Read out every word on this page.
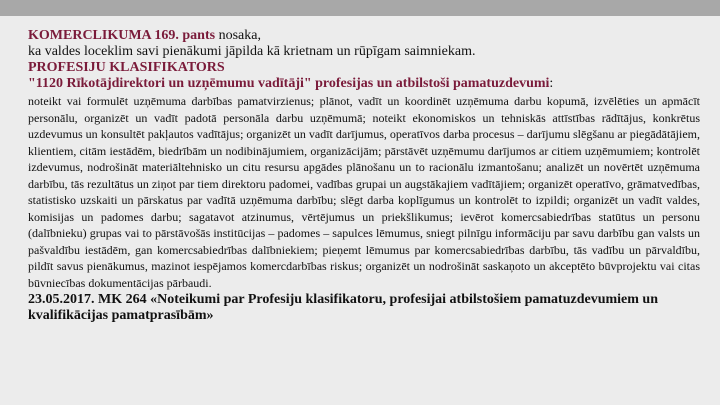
KOMERCLIKUMA 169. pants nosaka,

ka valdes loceklim savi pienākumi jāpilda kā krietnam un rūpīgam saimniekam.

PROFESIJU KLASIFIKATORS

"1120 Rīkotājdirektori un uzņēmumu vadītāji" profesijas un atbilstoši pamatuzdevumi:

noteikt vai formulēt uzņēmuma darbības pamatvirzienus; plānot, vadīt un koordinēt uzņēmuma darbu kopumā, izvēlēties un apmācīt personālu, organizēt un vadīt padotā personāla darbu uzņēmumā; noteikt ekonomiskos un tehniskās attīstības rādītājus, konkrētus uzdevumus un konsultēt pakļautos vadītājus; organizēt un vadīt darījumus, operatīvos darba procesus – darījumu slēgšanu ar piegādātājiem, klientiem, citām iestādēm, biedrībām un nodibinājumiem, organizācijām; pārstāvēt uzņēmumu darījumos ar citiem uzņēmumiem; kontrolēt izdevumus, nodrošināt materiāltehnisko un citu resursu apgādes plānošanu un to racionālu izmantošanu; analizēt un novērtēt uzņēmuma darbību, tās rezultātus un ziņot par tiem direktoru padomei, vadības grupai un augstākajiem vadītājiem; organizēt operatīvo, grāmatvedības, statistisko uzskaiti un pārskatus par vadītā uzņēmuma darbību; slēgt darba koplīgumus un kontrolēt to izpildi; organizēt un vadīt valdes, komisijas un padomes darbu; sagatavot atzinumus, vērtējumus un priekšlikumus; ievērot komercsabiedrības statūtus un personu (dalībnieku) grupas vai to pārstāvošās institūcijas – padomes – sapulces lēmumus, sniegt pilnīgu informāciju par savu darbību gan valsts un pašvaldību iestādēm, gan komercsabiedrības dalībniekiem; pieņemt lēmumus par komercsabiedrības darbību, tās vadību un pārvaldību, pildīt savus pienākumus, mazinot iespējamos komercdarbības riskus; organizēt un nodrošināt saskaņoto un akceptēto būvprojektu vai citas būvniecības dokumentācijas pārbaudi.

23.05.2017. MK 264 «Noteikumi par Profesiju klasifikatoru, profesijai atbilstošiem pamatuzdevumiem un kvalifikācijas pamatprasībām»
